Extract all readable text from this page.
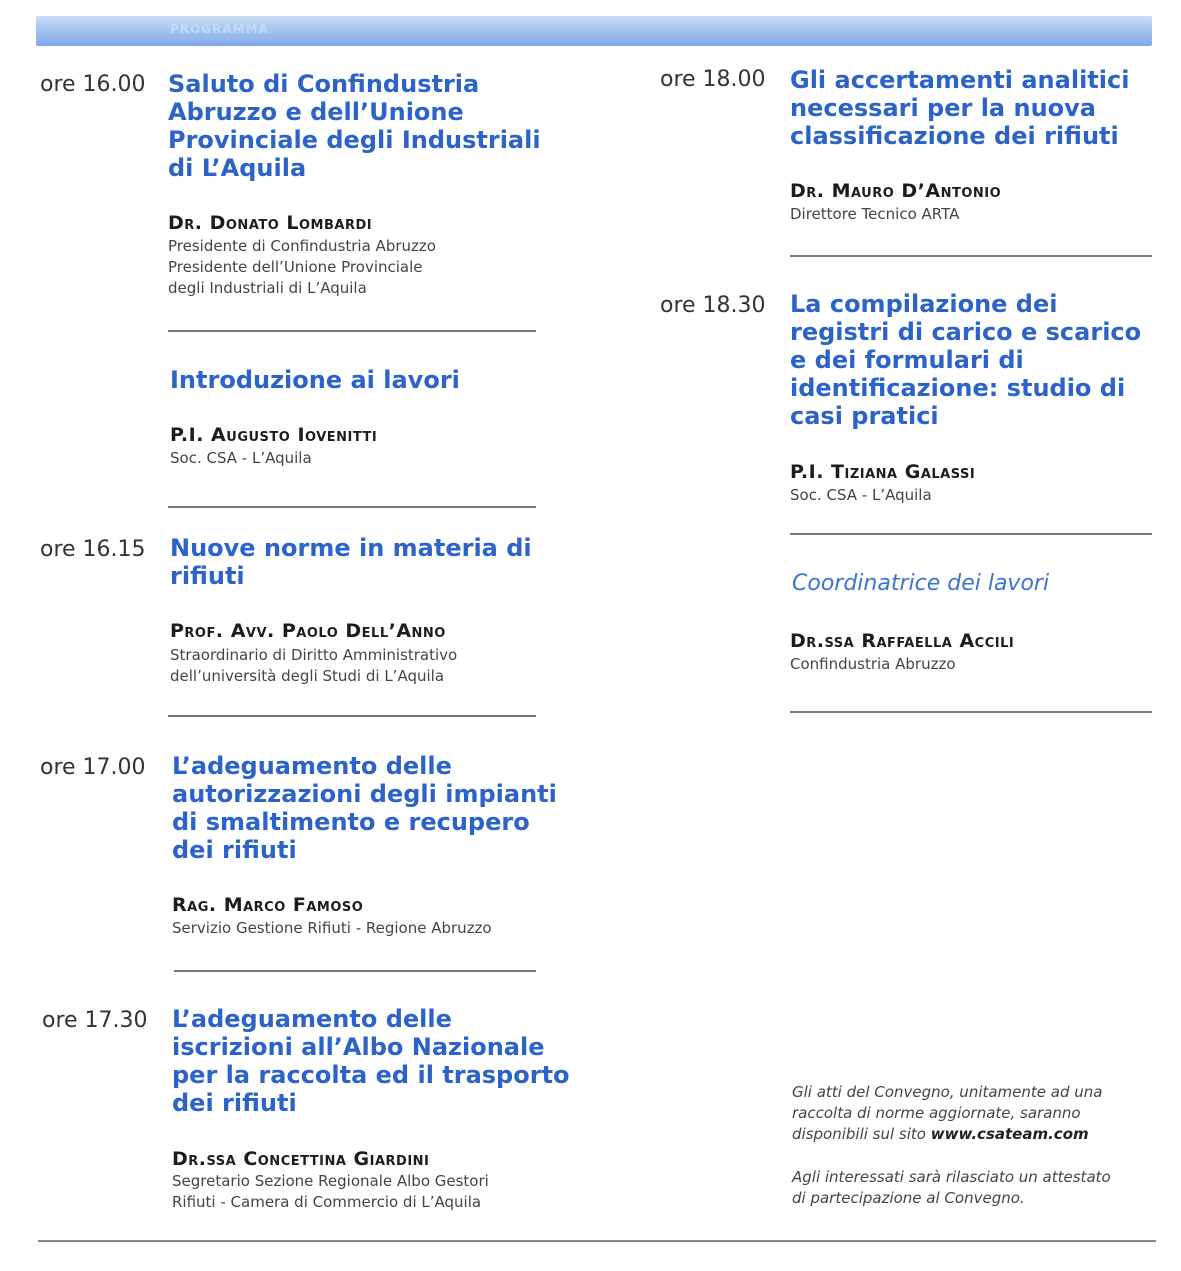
PROGRAMMA
ore 16.00 Saluto di Confindustria
Abruzzo e dell’Unione
Provinciale degli Industriali
di L’Aquila
Dr. Donato Lombardi
Presidente di Confindustria Abruzzo
Presidente dell’Unione Provinciale
degli Industriali di L’Aquila
Introduzione ai lavori
P.I. Augusto Iovenitti
Soc. CSA - L’Aquila
ore 16.15 Nuove norme in materia di
rifiuti
Prof. Avv. Paolo Dell’Anno
Straordinario di Diritto Amministrativo
dell’università degli Studi di L’Aquila
ore 17.00 L’adeguamento delle
autorizzazioni degli impianti
di smaltimento e recupero
dei rifiuti
Rag. Marco Famoso
Servizio Gestione Rifiuti - Regione Abruzzo
ore 17.30 L’adeguamento delle
iscrizioni all’Albo Nazionale
per la raccolta ed il trasporto
dei rifiuti
Dr.ssa Concettina Giardini
Segretario Sezione Regionale Albo Gestori
Rifiuti - Camera di Commercio di L’Aquila
ore 18.00 Gli accertamenti analitici
necessari per la nuova
classificazione dei rifiuti
Dr. Mauro D’Antonio
Direttore Tecnico ARTA
ore 18.30 La compilazione dei
registri di carico e scarico
e dei formulari di
identificazione: studio di
casi pratici
P.I. Tiziana Galassi
Soc. CSA - L’Aquila
Coordinatrice dei lavori
Dr.ssa Raffaella Accili
Confindustria Abruzzo
Gli atti del Convegno, unitamente ad una
raccolta di norme aggiornate, saranno
disponibili sul sito www.csateam.com
Agli interessati sarà rilasciato un attestato
di partecipazione al Convegno.
